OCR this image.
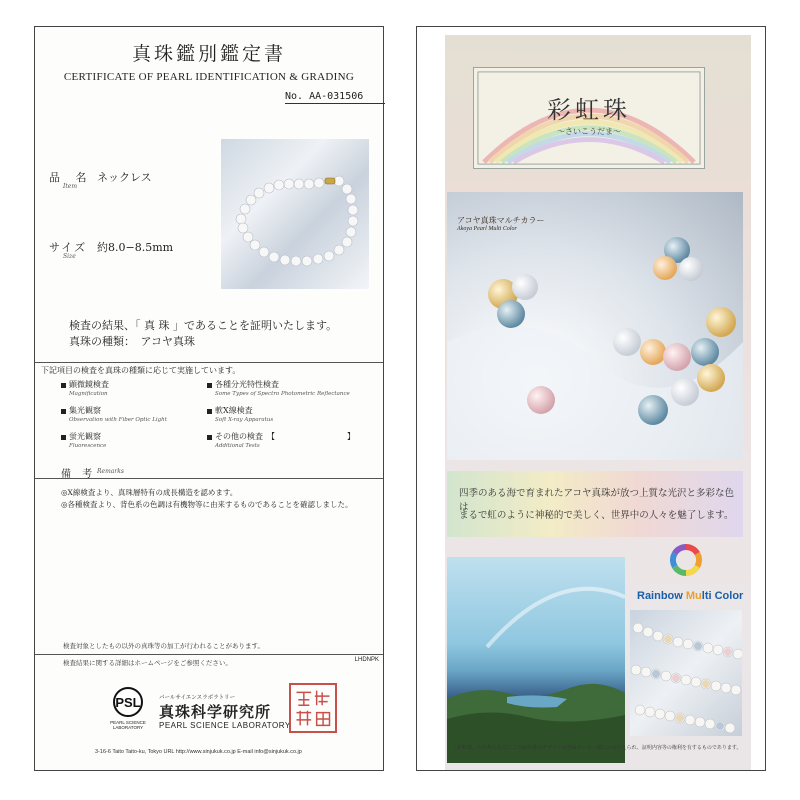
真珠鑑別鑑定書
CERTIFICATE OF PEARL IDENTIFICATION & GRADING
No. AA-031506
品 名
Item
ネックレス
サイズ
Size
約8.0−8.5mm
検査の結果、「 真 珠 」であることを証明いたします。
真珠の種類：　アコヤ真珠
下記項目の検査を真珠の種類に応じて実施しています。
顕微鏡検査
Magnification
各種分光特性検査
Some Types of Spectro Photometric Reflectance
集光観察
Observation with Fiber Optic Light
軟X線検査
Soft X-ray Apparatus
蛍光観察
Fluorescence
その他の検査　【　　　　　　　　　】
Additional Tests
備 考 Remarks
◎X線検査より、真珠層特有の成長構造を認めます。
◎各種検査より、背色系の色調は有機物等に由来するものであることを確認しました。
検査対象としたもの以外の真珠等の加工が行われることがあります。
検査結果に関する詳細はホームページをご参照ください。	LHDNPK
PSL
PEARL SCIENCE LABORATORY
パールサイエンスラボラトリー
真珠科学研究所
PEARL SCIENCE LABORATORY
3-16-6 Taito Taito-ku, Tokyo URL http://www.sinjukuk.co.jp E-mail info@sinjukuk.co.jp
彩虹珠
〜さいこうだま〜
アコヤ真珠マルチカラー
Akoya Pearl Multi Color
四季のある海で育まれたアコヤ真珠が放つ上質な光沢と多彩な色は
まるで虹のように神秘的で美しく、世界中の人々を魅了します。
Rainbow Multi Color
「彩虹珠」の名称ならびにこの証明書のデザインは登録メーカー様にのみ与えられ、証明内容等の権利を有するものであります。
